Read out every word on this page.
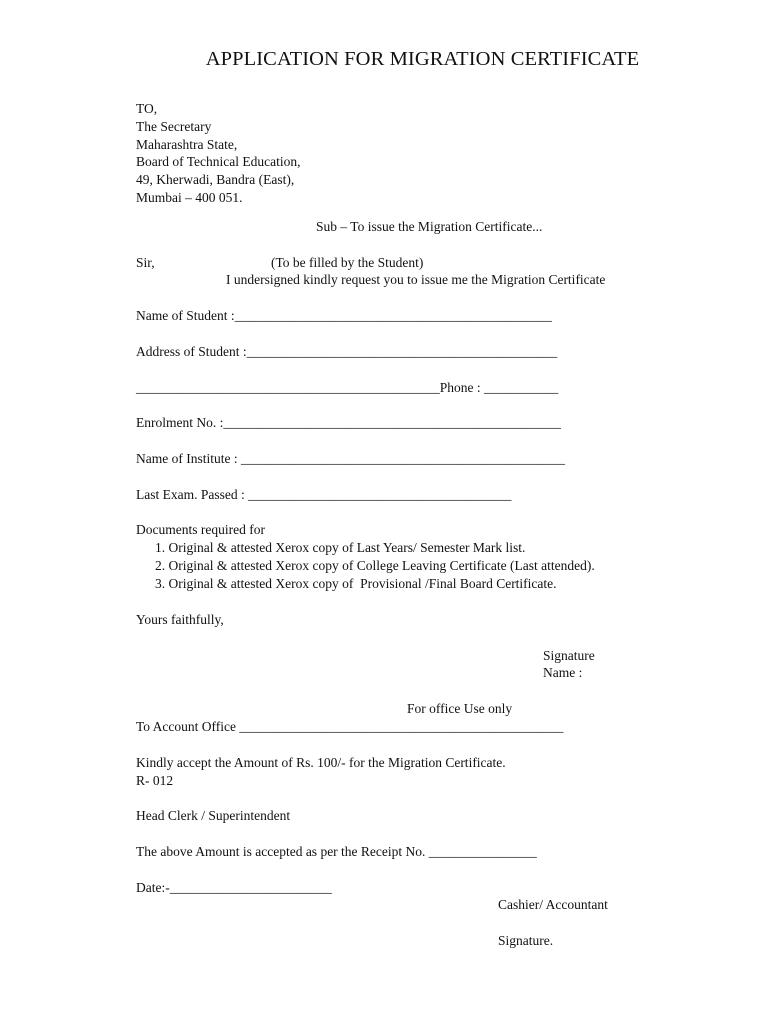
APPLICATION FOR MIGRATION CERTIFICATE

TO,

The Secretary

Maharashtra State,

Board of Technical Education,

49, Kherwadi, Bandra (East),

Mumbai – 400 051.

Sub – To issue the Migration Certificate...

Sir,	(To be filled by the Student)

I undersigned kindly request you to issue me the Migration Certificate

Name of Student :_______________________________________________

Address of Student :______________________________________________

_____________________________________________Phone : ___________

Enrolment No. :__________________________________________________

Name of Institute : ________________________________________________

Last Exam. Passed : _______________________________________

Documents required for

1. Original & attested Xerox copy of Last Years/ Semester Mark list.

2. Original & attested Xerox copy of College Leaving Certificate (Last attended).

3. Original & attested Xerox copy of  Provisional /Final Board Certificate.

Yours faithfully,

Signature

Name :

For office Use only

To Account Office ________________________________________________

Kindly accept the Amount of Rs. 100/- for the Migration Certificate.

R- 012

Head Clerk / Superintendent

The above Amount is accepted as per the Receipt No. ________________

Date:-________________________

Cashier/ Accountant

Signature.
